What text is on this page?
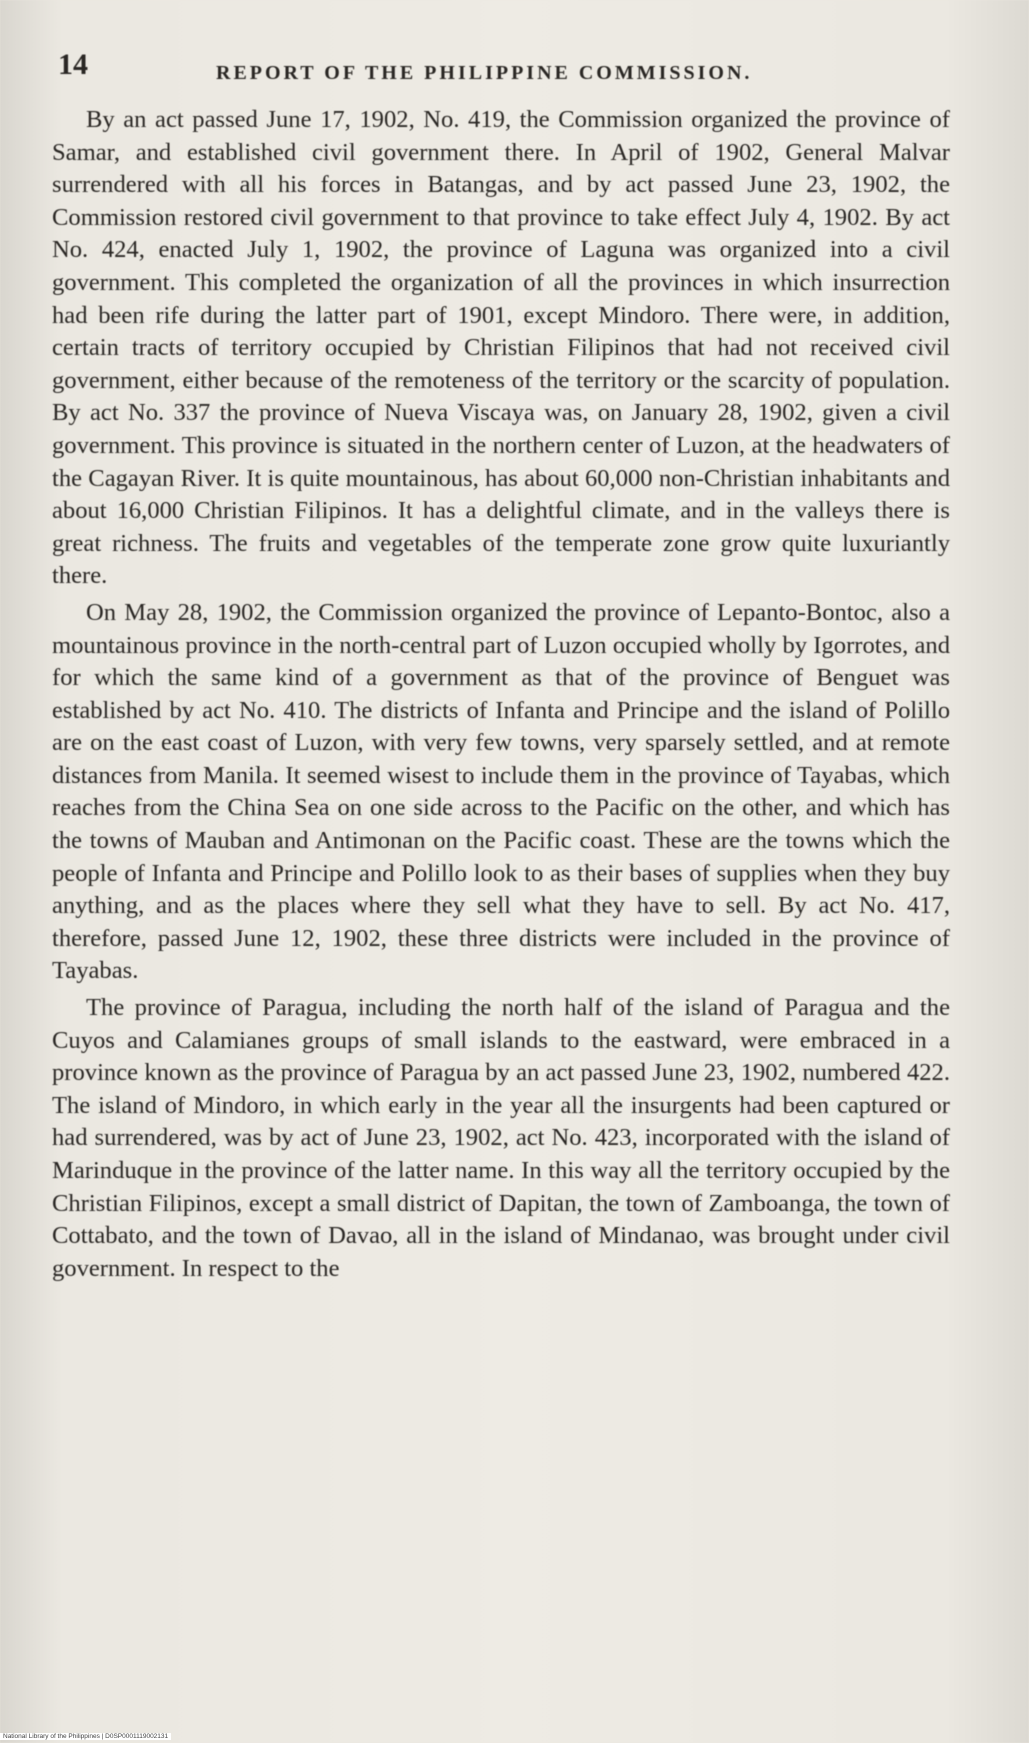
14	REPORT OF THE PHILIPPINE COMMISSION.

By an act passed June 17, 1902, No. 419, the Commission organized the province of Samar, and established civil government there. In April of 1902, General Malvar surrendered with all his forces in Batangas, and by act passed June 23, 1902, the Commission restored civil government to that province to take effect July 4, 1902. By act No. 424, enacted July 1, 1902, the province of Laguna was organized into a civil government. This completed the organization of all the provinces in which insurrection had been rife during the latter part of 1901, except Mindoro. There were, in addition, certain tracts of territory occupied by Christian Filipinos that had not received civil government, either because of the remoteness of the territory or the scarcity of population. By act No. 337 the province of Nueva Viscaya was, on January 28, 1902, given a civil government. This province is situated in the northern center of Luzon, at the headwaters of the Cagayan River. It is quite mountainous, has about 60,000 non-Christian inhabitants and about 16,000 Christian Filipinos. It has a delightful climate, and in the valleys there is great richness. The fruits and vegetables of the temperate zone grow quite luxuriantly there.

On May 28, 1902, the Commission organized the province of Lepanto-Bontoc, also a mountainous province in the north-central part of Luzon occupied wholly by Igorrotes, and for which the same kind of a government as that of the province of Benguet was established by act No. 410. The districts of Infanta and Principe and the island of Polillo are on the east coast of Luzon, with very few towns, very sparsely settled, and at remote distances from Manila. It seemed wisest to include them in the province of Tayabas, which reaches from the China Sea on one side across to the Pacific on the other, and which has the towns of Mauban and Antimonan on the Pacific coast. These are the towns which the people of Infanta and Principe and Polillo look to as their bases of supplies when they buy anything, and as the places where they sell what they have to sell. By act No. 417, therefore, passed June 12, 1902, these three districts were included in the province of Tayabas.

The province of Paragua, including the north half of the island of Paragua and the Cuyos and Calamianes groups of small islands to the eastward, were embraced in a province known as the province of Paragua by an act passed June 23, 1902, numbered 422. The island of Mindoro, in which early in the year all the insurgents had been captured or had surrendered, was by act of June 23, 1902, act No. 423, incorporated with the island of Marinduque in the province of the latter name. In this way all the territory occupied by the Christian Filipinos, except a small district of Dapitan, the town of Zamboanga, the town of Cottabato, and the town of Davao, all in the island of Mindanao, was brought under civil government. In respect to the

National Library of the Philippines | D0SP0001119002131
